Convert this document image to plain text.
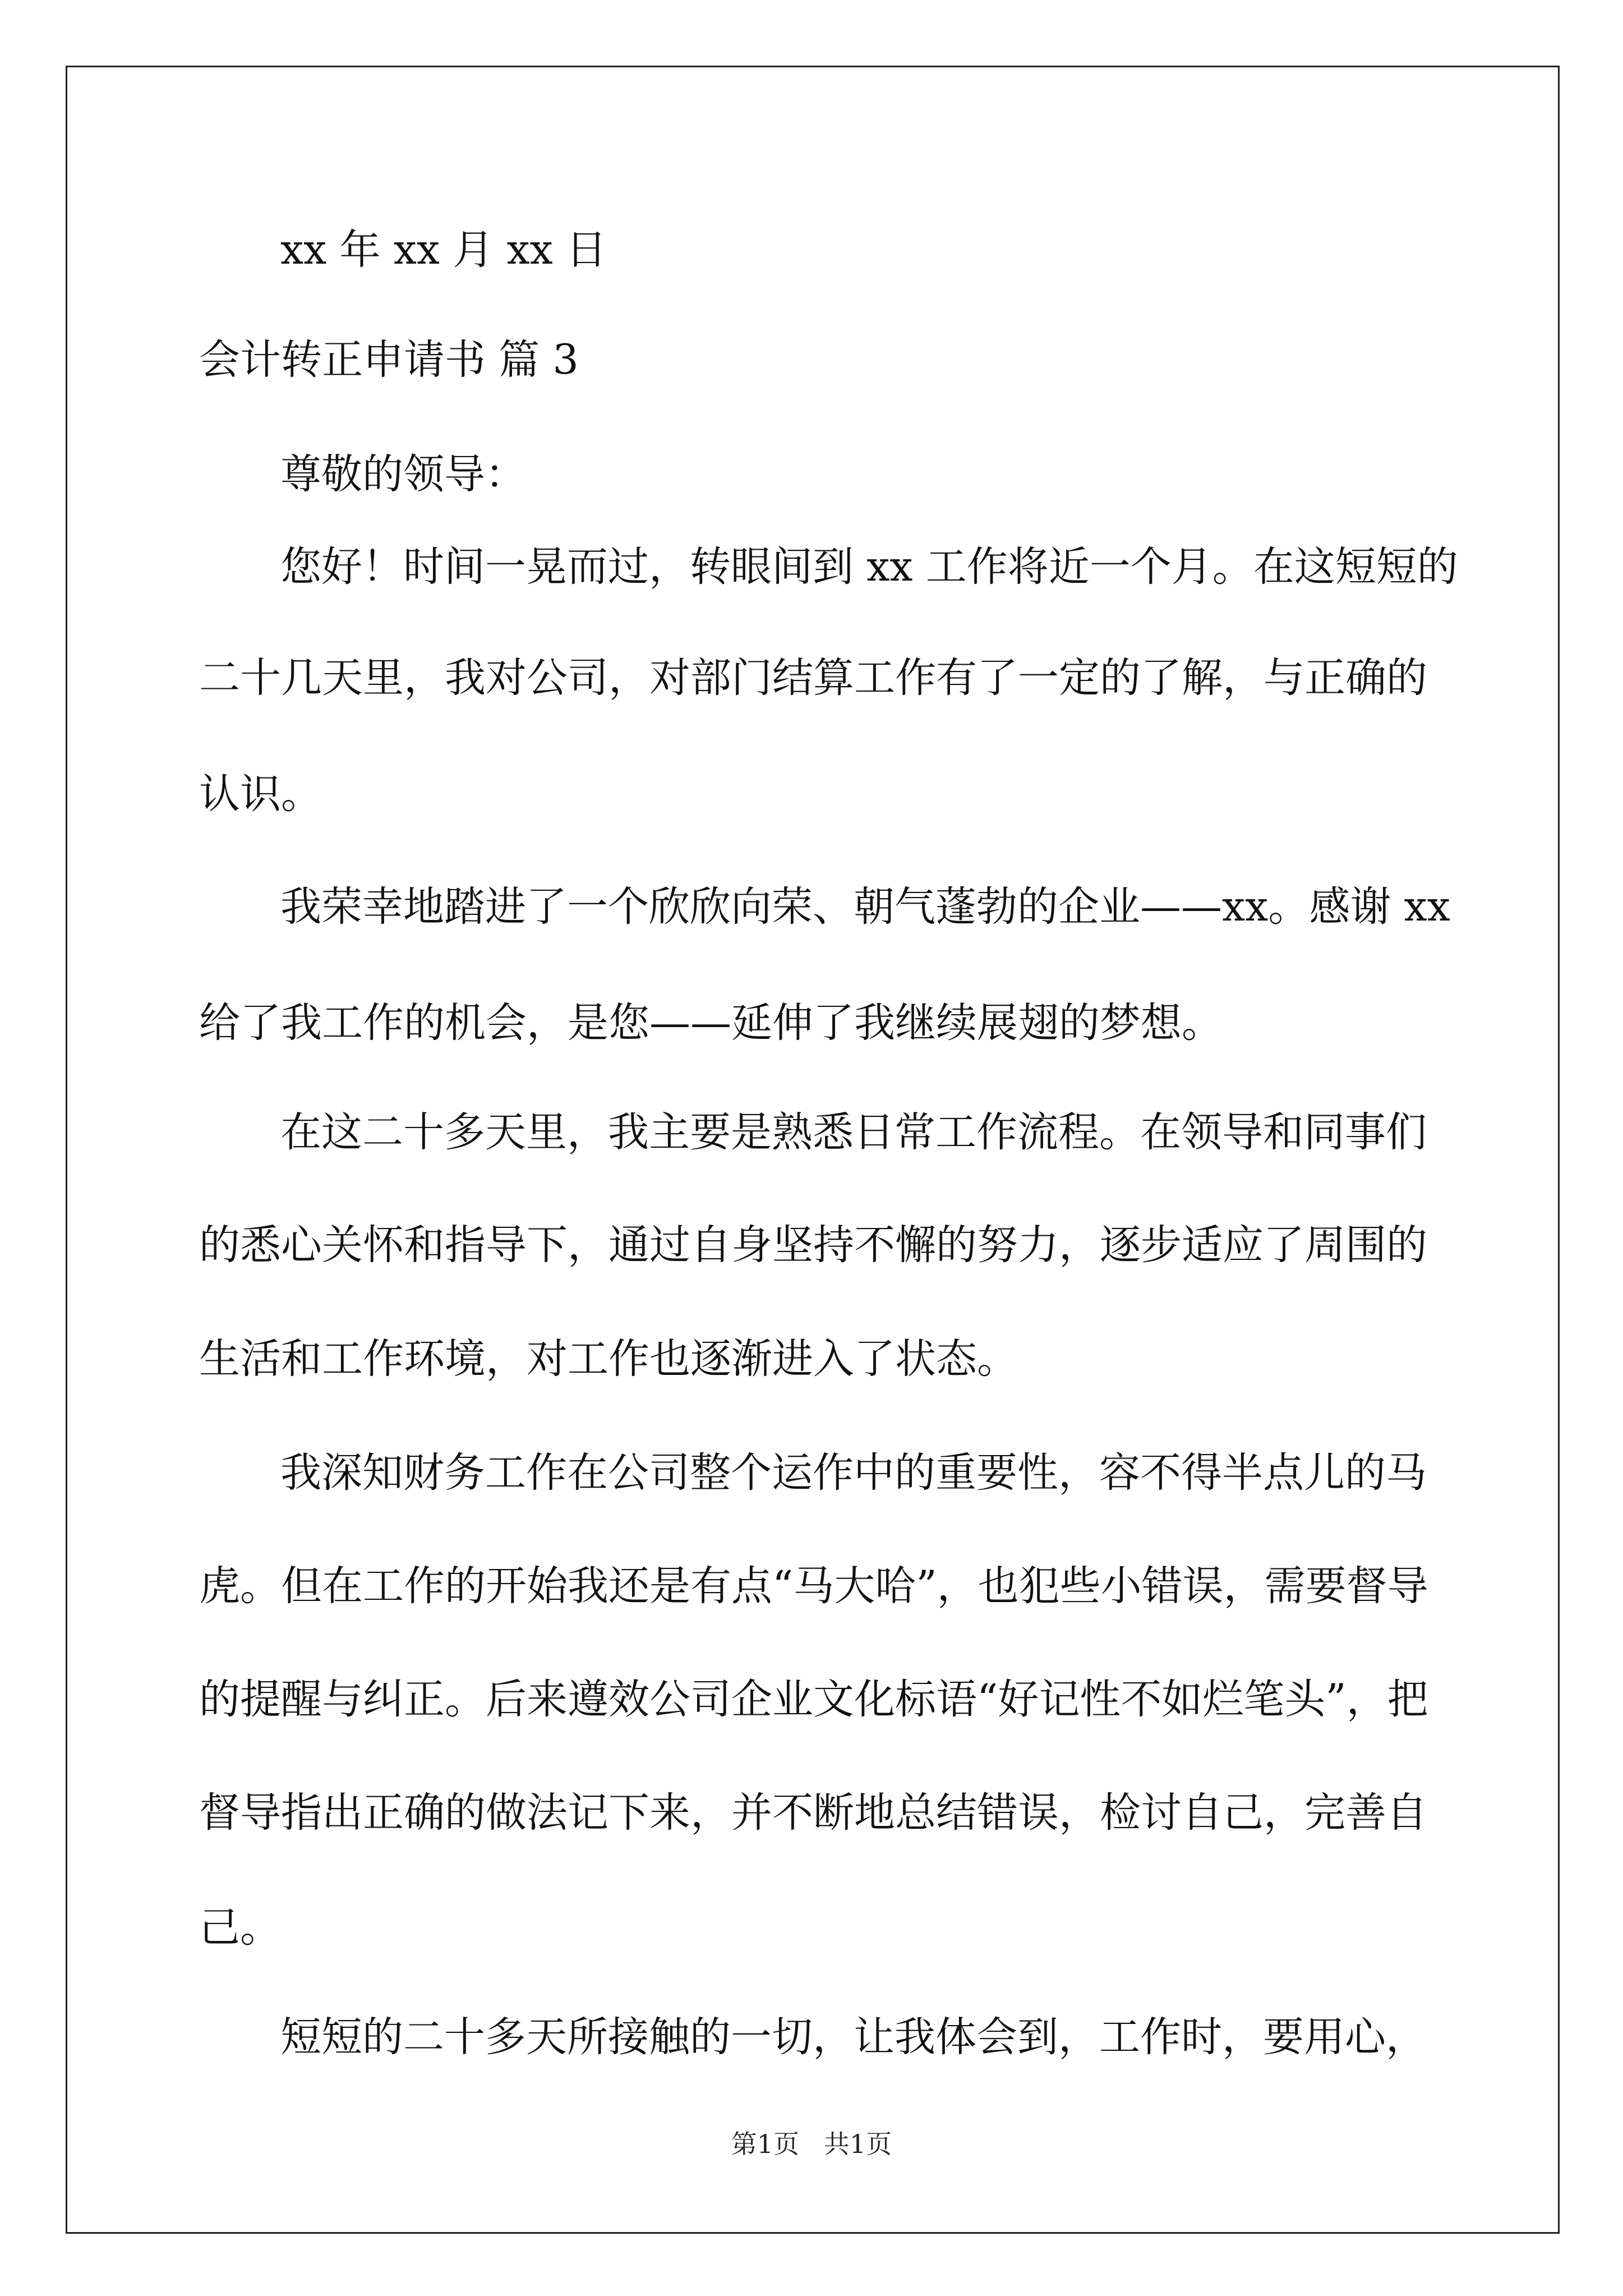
xx 年 xx 月 xx 日
会计转正申请书 篇 3
尊敬的领导：
您好！时间一晃而过，转眼间到 xx 工作将近一个月。在这短短的
二十几天里，我对公司，对部门结算工作有了一定的了解，与正确的
认识。
我荣幸地踏进了一个欣欣向荣、朝气蓬勃的企业——xx。感谢 xx
给了我工作的机会，是您——延伸了我继续展翅的梦想。
在这二十多天里，我主要是熟悉日常工作流程。在领导和同事们
的悉心关怀和指导下，通过自身坚持不懈的努力，逐步适应了周围的
生活和工作环境，对工作也逐渐进入了状态。
我深知财务工作在公司整个运作中的重要性，容不得半点儿的马
虎。但在工作的开始我还是有点“马大哈”，也犯些小错误，需要督导
的提醒与纠正。后来遵效公司企业文化标语“好记性不如烂笔头”，把
督导指出正确的做法记下来，并不断地总结错误，检讨自己，完善自
己。
短短的二十多天所接触的一切，让我体会到，工作时，要用心，
第1页   共1页
